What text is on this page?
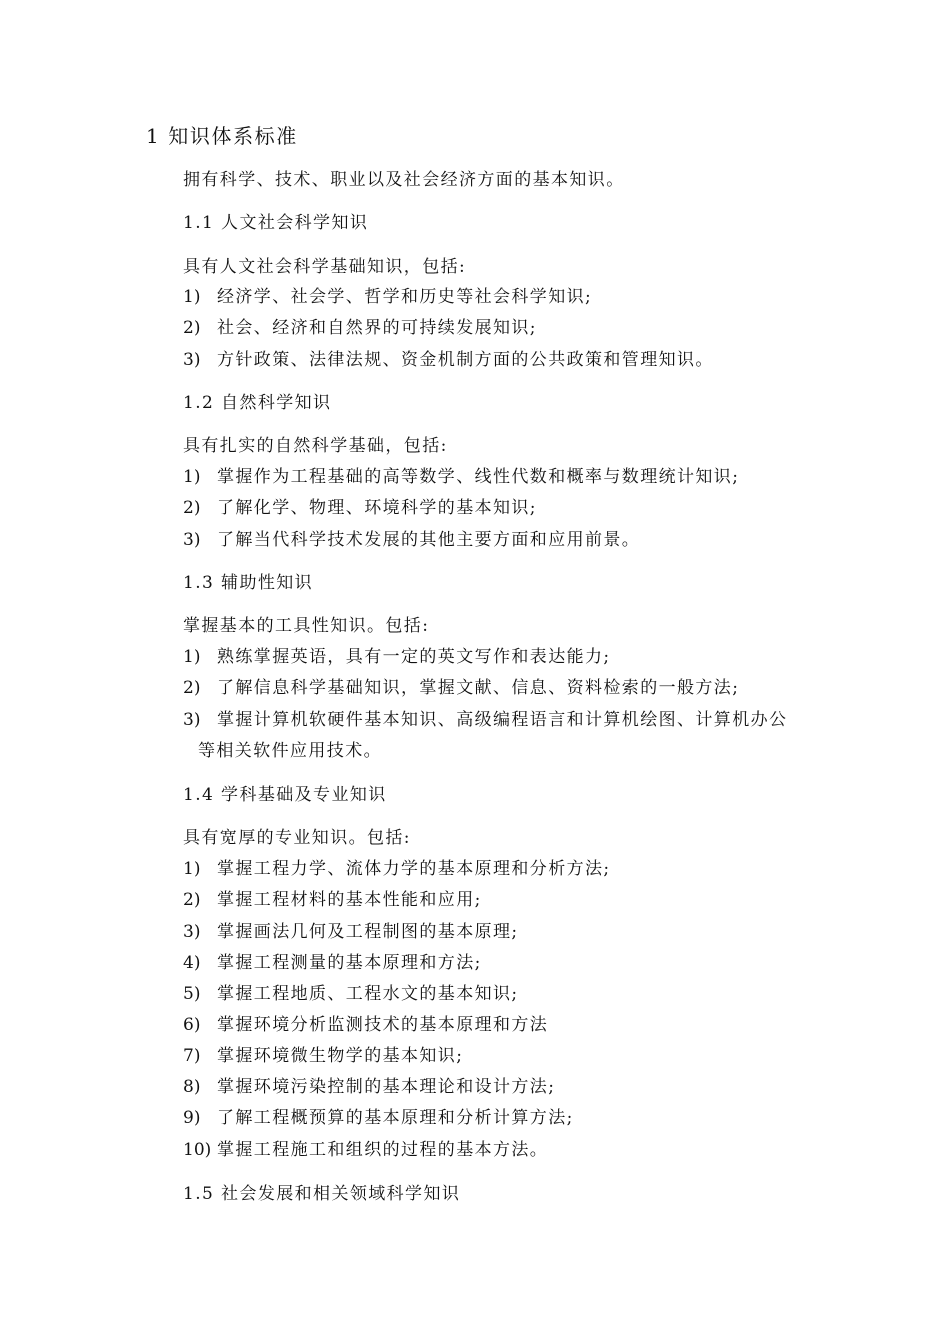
1 知识体系标准
拥有科学、技术、职业以及社会经济方面的基本知识。
1.1 人文社会科学知识
具有人文社会科学基础知识，包括:
1) 经济学、社会学、哲学和历史等社会科学知识;
2) 社会、经济和自然界的可持续发展知识;
3) 方针政策、法律法规、资金机制方面的公共政策和管理知识。
1.2 自然科学知识
具有扎实的自然科学基础，包括:
1) 掌握作为工程基础的高等数学、线性代数和概率与数理统计知识;
2) 了解化学、物理、环境科学的基本知识;
3) 了解当代科学技术发展的其他主要方面和应用前景。
1.3 辅助性知识
掌握基本的工具性知识。包括:
1) 熟练掌握英语，具有一定的英文写作和表达能力;
2) 了解信息科学基础知识，掌握文献、信息、资料检索的一般方法;
3) 掌握计算机软硬件基本知识、高级编程语言和计算机绘图、计算机办公
等相关软件应用技术。
1.4 学科基础及专业知识
具有宽厚的专业知识。包括:
1) 掌握工程力学、流体力学的基本原理和分析方法;
2) 掌握工程材料的基本性能和应用;
3) 掌握画法几何及工程制图的基本原理;
4) 掌握工程测量的基本原理和方法;
5) 掌握工程地质、工程水文的基本知识;
6) 掌握环境分析监测技术的基本原理和方法
7) 掌握环境微生物学的基本知识;
8) 掌握环境污染控制的基本理论和设计方法;
9) 了解工程概预算的基本原理和分析计算方法;
10) 掌握工程施工和组织的过程的基本方法。
1.5 社会发展和相关领域科学知识
